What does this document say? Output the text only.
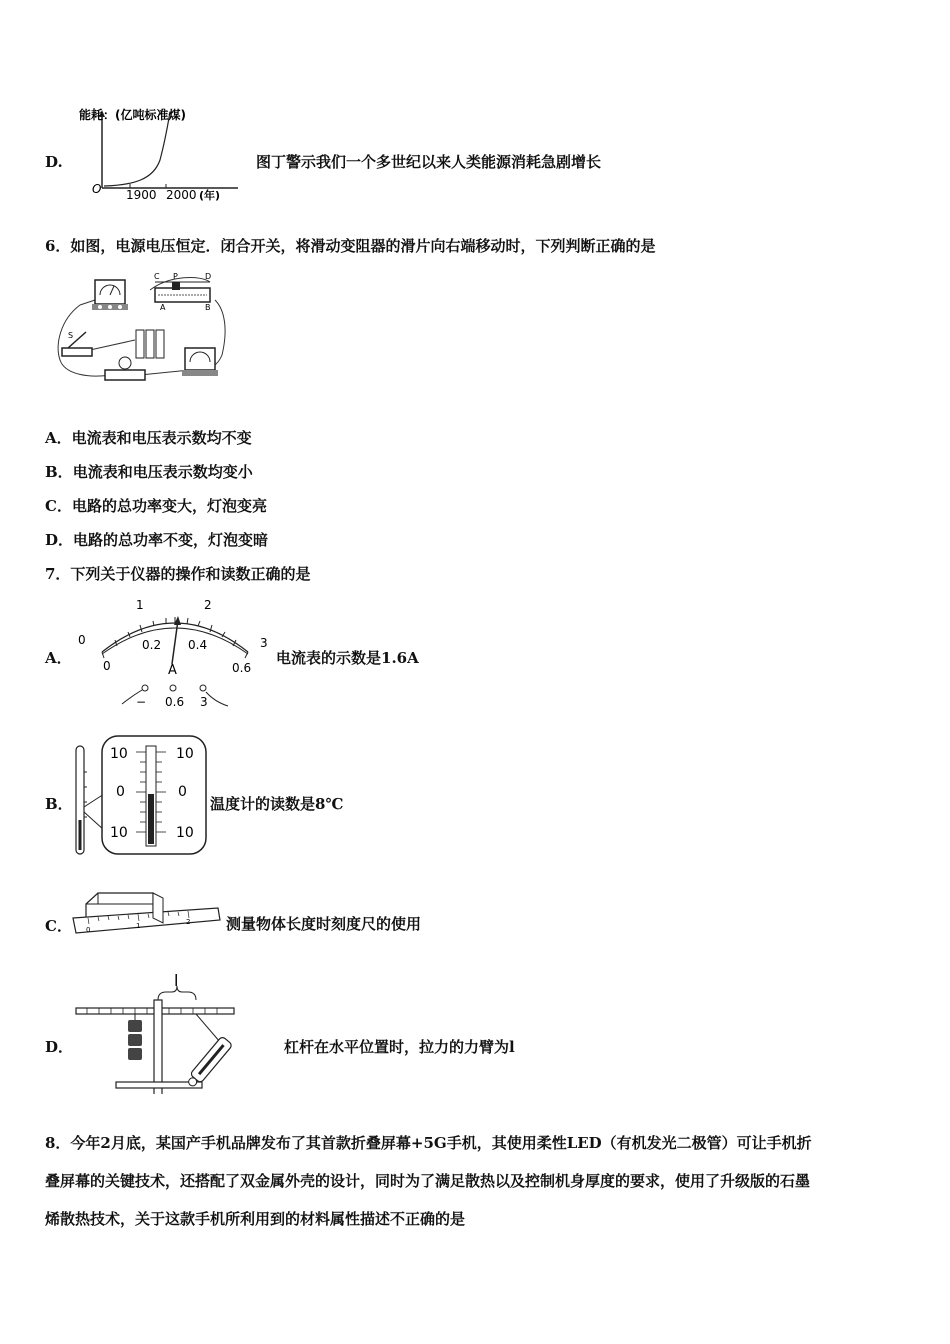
D.
能耗：(亿吨标准煤)
O 1900 2000 (年)
图丁警示我们一个多世纪以来人类能源消耗急剧增长
6．如图，电源电压恒定．闭合开关，将滑动变阻器的滑片向右端移动时，下列判断正确的是
C P	D
A	B
S
A．电流表和电压表示数均不变
B．电流表和电压表示数均变小
C．电路的总功率变大，灯泡变亮
D．电路的总功率不变，灯泡变暗
7．下列关于仪器的操作和读数正确的是
A．
0
1	2
3
0
0.2 0.4
0.6
A
− 0.6 3
电流表的示数是1.6A
B．
10
0
10
10
0
10
温度计的读数是8℃
C． 0	1	2 测量物体长度时刻度尺的使用
D．
l
杠杆在水平位置时，拉力的力臂为l
8．今年2月底，某国产手机品牌发布了其首款折叠屏幕+5G手机，其使用柔性LED（有机发光二极管）可让手机折
叠屏幕的关键技术，还搭配了双金属外壳的设计，同时为了满足散热以及控制机身厚度的要求，使用了升级版的石墨
烯散热技术，关于这款手机所利用到的材料属性描述不正确的是
